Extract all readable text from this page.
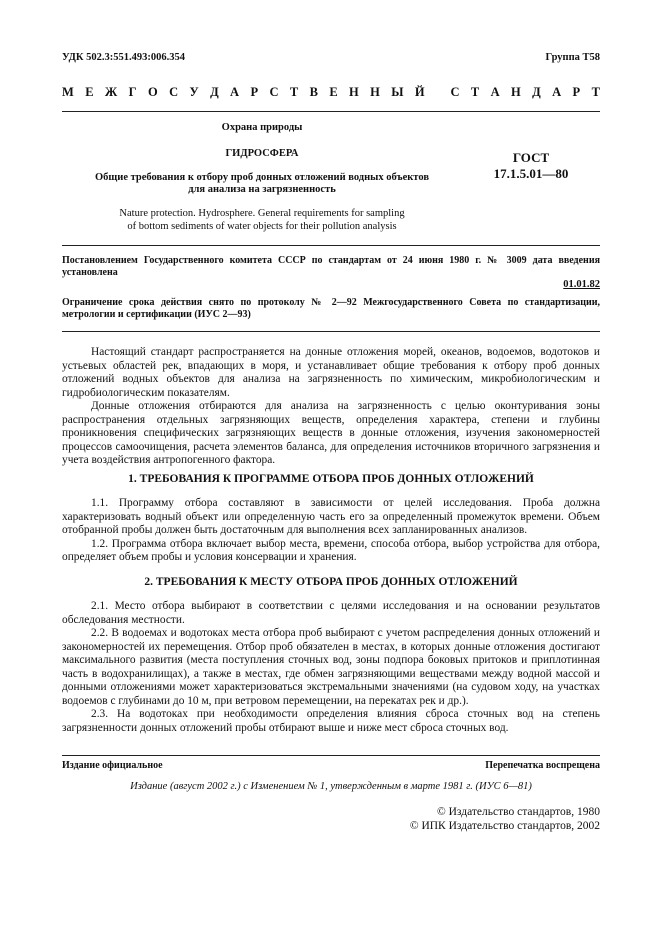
УДК 502.3:551.493:006.354	Группа Т58
М Е Ж Г О С У Д А Р С Т В Е Н Н Ы Й
С Т А Н Д А Р Т
Охрана природы
ГИДРОСФЕРА
Общие требования к отбору проб донных отложений водных объектов
для анализа на загрязненность
Nature protection. Hydrosphere. General requirements for sampling
of bottom sediments of water objects for their pollution analysis
ГОСТ
17.1.5.01—80
Постановлением Государственного комитета СССР по стандартам от 24 июня 1980 г. № 3009 дата введения установлена
01.01.82
Ограничение срока действия снято по протоколу № 2—92 Межгосударственного Совета по стандартизации, метрологии и сертификации (ИУС 2—93)

Настоящий стандарт распространяется на донные отложения морей, океанов, водоемов, водотоков и устьевых областей рек, впадающих в моря, и устанавливает общие требования к отбору проб донных отложений водных объектов для анализа на загрязненность по химическим, микробиологическим и гидробиологическим показателям.

Донные отложения отбираются для анализа на загрязненность с целью оконтуривания зоны распространения отдельных загрязняющих веществ, определения характера, степени и глубины проникновения специфических загрязняющих веществ в донные отложения, изучения закономерностей процессов самоочищения, расчета элементов баланса, для определения источников вторичного загрязнения и учета воздействия антропогенного фактора.

1. ТРЕБОВАНИЯ К ПРОГРАММЕ ОТБОРА ПРОБ ДОННЫХ ОТЛОЖЕНИЙ

1.1. Программу отбора составляют в зависимости от целей исследования. Проба должна характеризовать водный объект или определенную часть его за определенный промежуток времени. Объем отобранной пробы должен быть достаточным для выполнения всех запланированных анализов.

1.2. Программа отбора включает выбор места, времени, способа отбора, выбор устройства для отбора, определяет объем пробы и условия консервации и хранения.

2. ТРЕБОВАНИЯ К МЕСТУ ОТБОРА ПРОБ ДОННЫХ ОТЛОЖЕНИЙ

2.1. Место отбора выбирают в соответствии с целями исследования и на основании результатов обследования местности.

2.2. В водоемах и водотоках места отбора проб выбирают с учетом распределения донных отложений и закономерностей их перемещения. Отбор проб обязателен в местах, в которых донные отложения достигают максимального развития (места поступления сточных вод, зоны подпора боковых притоков и приплотинная часть в водохранилищах), а также в местах, где обмен загрязняющими веществами между водной массой и донными отложениями может характеризоваться экстремальными значениями (на судовом ходу, на участках водоемов с глубинами до 10 м, при ветровом перемещении, на перекатах рек и др.).

2.3. На водотоках при необходимости определения влияния сброса сточных вод на степень загрязненности донных отложений пробы отбирают выше и ниже мест сброса сточных вод.

Издание официальное	Перепечатка воспрещена
Издание (август 2002 г.) с Изменением № 1, утвержденным в марте 1981 г. (ИУС 6—81)
© Издательство стандартов, 1980
© ИПК Издательство стандартов, 2002
